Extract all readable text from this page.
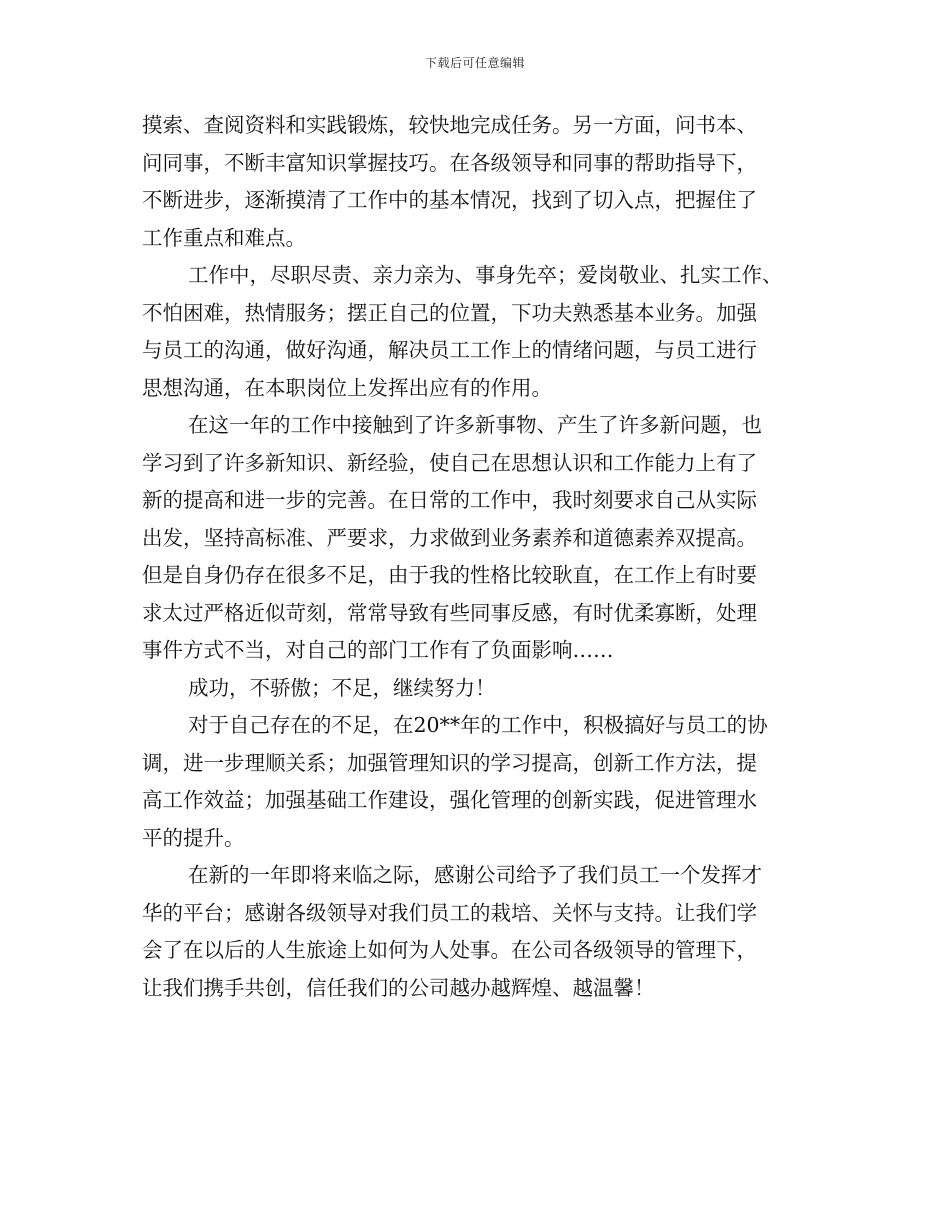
下载后可任意编辑
摸索、查阅资料和实践锻炼，较快地完成任务。另一方面，问书本、
问同事，不断丰富知识掌握技巧。在各级领导和同事的帮助指导下，
不断进步，逐渐摸清了工作中的基本情况，找到了切入点，把握住了
工作重点和难点。
工作中，尽职尽责、亲力亲为、事身先卒；爱岗敬业、扎实工作、
不怕困难，热情服务；摆正自己的位置，下功夫熟悉基本业务。加强
与员工的沟通，做好沟通，解决员工工作上的情绪问题，与员工进行
思想沟通，在本职岗位上发挥出应有的作用。
在这一年的工作中接触到了许多新事物、产生了许多新问题，也
学习到了许多新知识、新经验，使自己在思想认识和工作能力上有了
新的提高和进一步的完善。在日常的工作中，我时刻要求自己从实际
出发，坚持高标准、严要求，力求做到业务素养和道德素养双提高。
但是自身仍存在很多不足，由于我的性格比较耿直，在工作上有时要
求太过严格近似苛刻，常常导致有些同事反感，有时优柔寡断，处理
事件方式不当，对自己的部门工作有了负面影响……
成功，不骄傲；不足，继续努力！
对于自己存在的不足，在20**年的工作中，积极搞好与员工的协
调，进一步理顺关系；加强管理知识的学习提高，创新工作方法，提
高工作效益；加强基础工作建设，强化管理的创新实践，促进管理水
平的提升。
在新的一年即将来临之际，感谢公司给予了我们员工一个发挥才
华的平台；感谢各级领导对我们员工的栽培、关怀与支持。让我们学
会了在以后的人生旅途上如何为人处事。在公司各级领导的管理下，
让我们携手共创，信任我们的公司越办越辉煌、越温馨！
